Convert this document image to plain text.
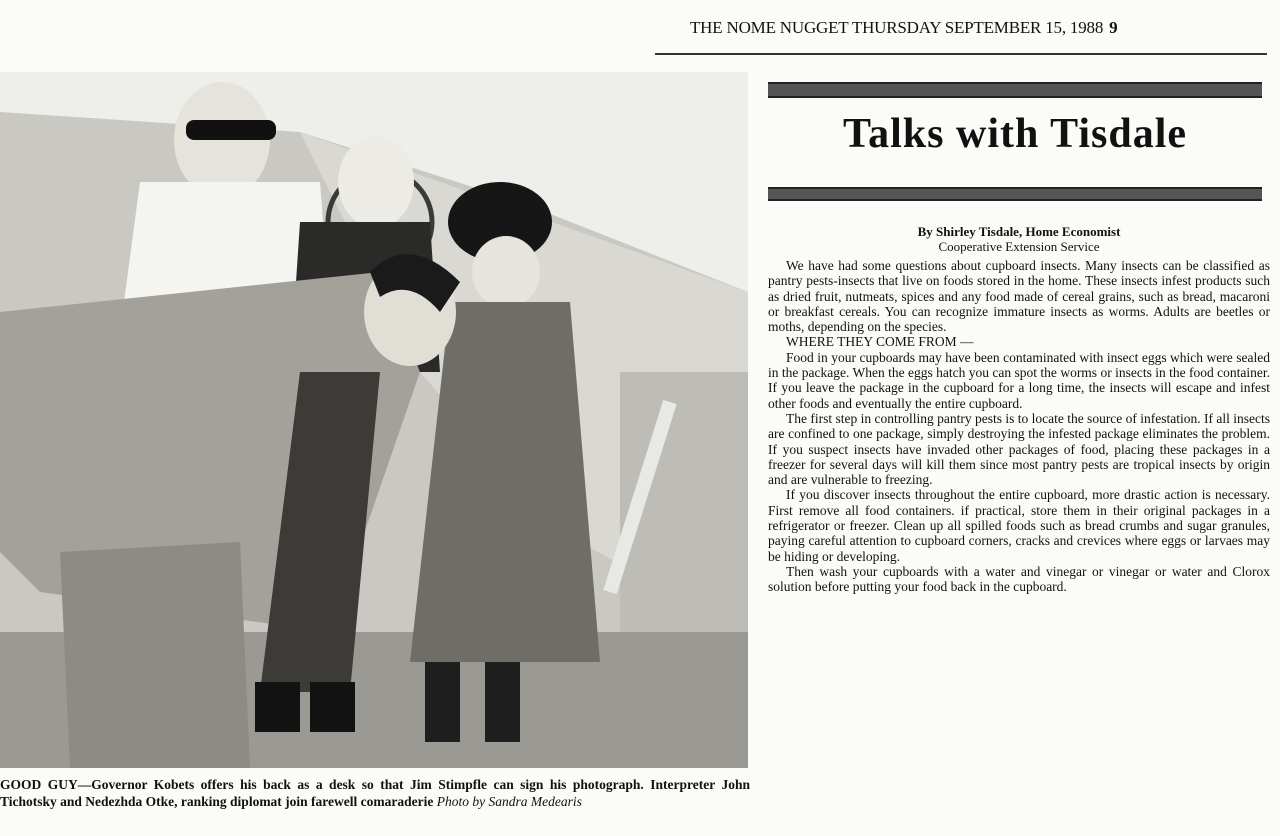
THE NOME NUGGET THURSDAY SEPTEMBER 15, 1988 9
GOOD GUY—Governor Kobets offers his back as a desk so that Jim Stimpfle can sign his photograph. Interpreter John Tichotsky and Nedezhda Otke, ranking diplomat join farewell comaraderie Photo by Sandra Medearis
Talks with Tisdale
By Shirley Tisdale, Home Economist
Cooperative Extension Service

We have had some questions about cupboard insects. Many insects can be classified as pantry pests-insects that live on foods stored in the home. These insects infest products such as dried fruit, nutmeats, spices and any food made of cereal grains, such as bread, macaroni or breakfast cereals. You can recognize immature insects as worms. Adults are beetles or moths, depending on the species.

WHERE THEY COME FROM —

Food in your cupboards may have been contaminated with insect eggs which were sealed in the package. When the eggs hatch you can spot the worms or insects in the food container. If you leave the package in the cupboard for a long time, the insects will escape and infest other foods and eventually the entire cupboard.

The first step in controlling pantry pests is to locate the source of infestation. If all insects are confined to one package, simply destroying the infested package eliminates the problem. If you suspect insects have invaded other packages of food, placing these packages in a freezer for several days will kill them since most pantry pests are tropical insects by origin and are vulnerable to freezing.

If you discover insects throughout the entire cupboard, more drastic action is necessary. First remove all food containers. if practical, store them in their original packages in a refrigerator or freezer. Clean up all spilled foods such as bread crumbs and sugar granules, paying careful attention to cupboard corners, cracks and crevices where eggs or larvaes may be hiding or developing.

Then wash your cupboards with a water and vinegar or vinegar or water and Clorox solution before putting your food back in the cupboard.
